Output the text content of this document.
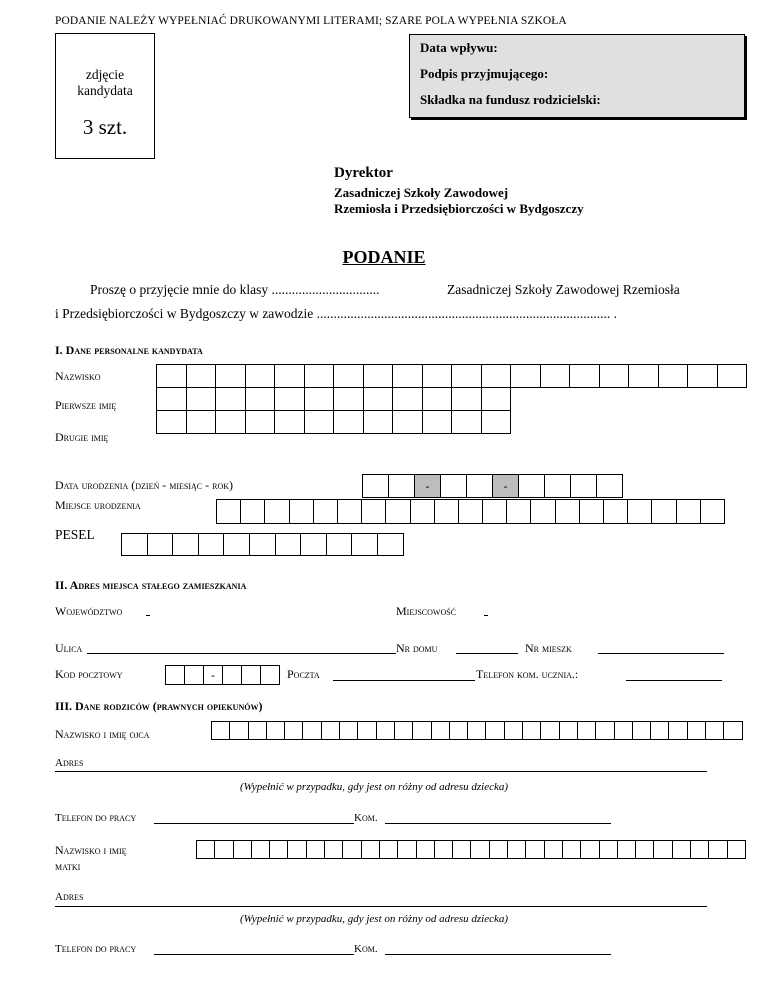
PODANIE NALEŻY WYPEŁNIAĆ DRUKOWANYMI LITERAMI; SZARE POLA WYPEŁNIA SZKOŁA
zdjęcie
kandydata
3 szt.
Data wpływu:
Podpis przyjmującego:
Składka na fundusz rodzicielski:
Dyrektor
Zasadniczej Szkoły Zawodowej
Rzemiosła i Przedsiębiorczości w Bydgoszczy
PODANIE
Proszę o przyjęcie mnie do klasy ................................	Zasadniczej Szkoły Zawodowej Rzemiosła
i Przedsiębiorczości w Bydgoszczy w zawodzie ....................................................................................... .
I. Dane personalne kandydata
Nazwisko
Pierwsze imię
Drugie imię
Data urodzenia (dzień - miesiąc - rok)	-	-
Miejsce urodzenia
PESEL
II. Adres miejsca stałego zamieszkania
Województwo	Miejscowość
Ulica	Nr domu	Nr mieszk
Kod pocztowy	-	Poczta	Telefon kom. ucznia.:
III. Dane rodziców (prawnych opiekunów)
Nazwisko i imię ojca
Adres
(Wypełnić w przypadku, gdy jest on różny od adresu dziecka)
Telefon do pracy	Kom.
Nazwisko i imię
matki
Adres
(Wypełnić w przypadku, gdy jest on różny od adresu dziecka)
Telefon do pracy	Kom.
